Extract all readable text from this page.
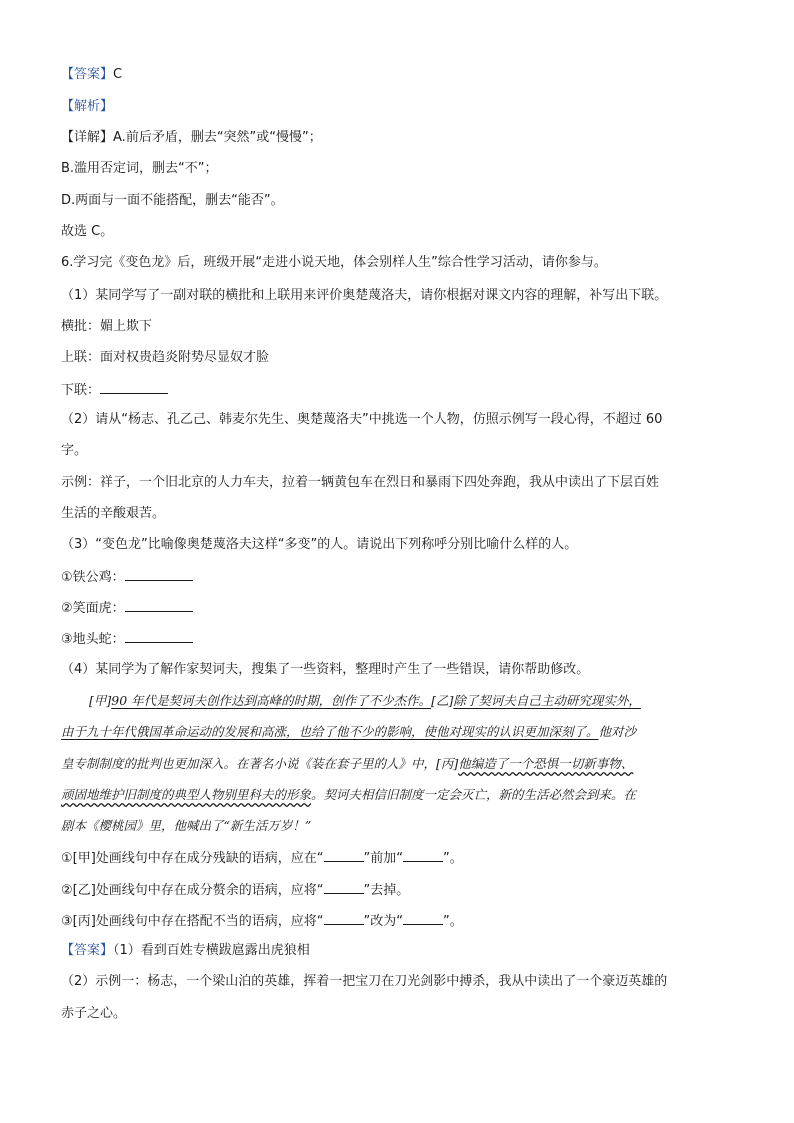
【答案】C
【解析】
【详解】A.前后矛盾，删去“突然”或“慢慢”；
B.滥用否定词，删去“不”；
D.两面与一面不能搭配，删去“能否”。
故选 C。
6.学习完《变色龙》后，班级开展“走进小说天地，体会别样人生”综合性学习活动，请你参与。
（1）某同学写了一副对联的横批和上联用来评价奥楚蔑洛夫，请你根据对课文内容的理解，补写出下联。
横批：媚上欺下
上联：面对权贵趋炎附势尽显奴才脸
下联：
（2）请从“杨志、孔乙己、韩麦尔先生、奥楚蔑洛夫”中挑选一个人物，仿照示例写一段心得，不超过 60
字。
示例：祥子，一个旧北京的人力车夫，拉着一辆黄包车在烈日和暴雨下四处奔跑，我从中读出了下层百姓
生活的辛酸艰苦。
（3）“变色龙”比喻像奥楚蔑洛夫这样“多变”的人。请说出下列称呼分别比喻什么样的人。
①铁公鸡：
②笑面虎：
③地头蛇：
（4）某同学为了解作家契诃夫，搜集了一些资料，整理时产生了一些错误，请你帮助修改。
[甲]90 年代是契诃夫创作达到高峰的时期，创作了不少杰作。[乙]除了契诃夫自己主动研究现实外，
由于九十年代俄国革命运动的发展和高涨，也给了他不少的影响，使他对现实的认识更加深刻了。他对沙
皇专制制度的批判也更加深入。在著名小说《装在套子里的人》中，[丙]他编造了一个恐惧一切新事物、
顽固地维护旧制度的典型人物别里科夫的形象。契诃夫相信旧制度一定会灭亡，新的生活必然会到来。在
剧本《樱桃园》里，他喊出了“新生活万岁！”
①[甲]处画线句中存在成分残缺的语病，应在“	”前加“	”。
②[乙]处画线句中存在成分赘余的语病，应将“	”去掉。
③[丙]处画线句中存在搭配不当的语病，应将“	”改为“	”。
【答案】（1）看到百姓专横跋扈露出虎狼相
（2）示例一：杨志，一个梁山泊的英雄，挥着一把宝刀在刀光剑影中搏杀，我从中读出了一个豪迈英雄的
赤子之心。
